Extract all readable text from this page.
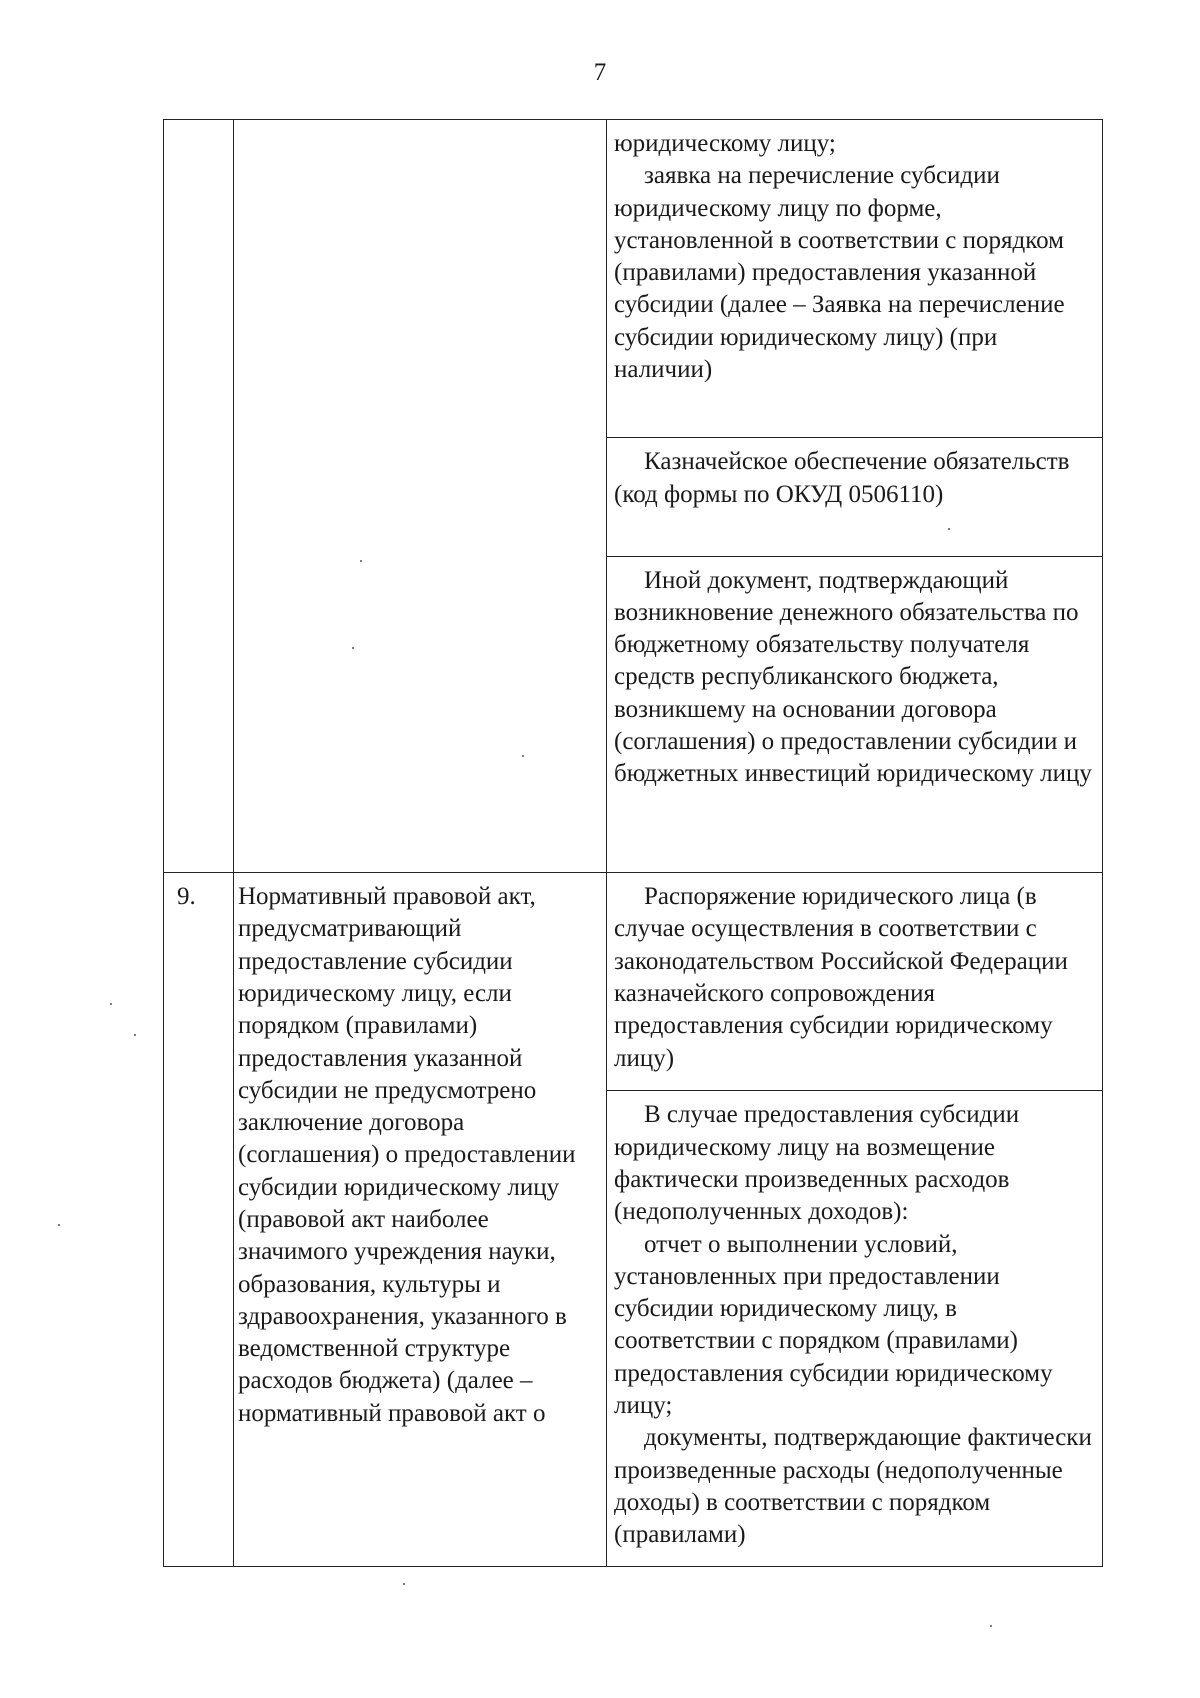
7

		юридическому лицу;

заявка на перечисление субсидии юридическому лицу по форме, установленной в соответствии с порядком (правилами) предоставления указанной субсидии (далее – Заявка на перечисление субсидии юридическому лицу) (при наличии)

		Казначейское обеспечение обязательств (код формы по ОКУД 0506110)

		Иной документ, подтверждающий возникновение денежного обязательства по бюджетному обязательству получателя средств республиканского бюджета, возникшему на основании договора (соглашения) о предоставлении субсидии и бюджетных инвестиций юридическому лицу

9.	Нормативный правовой акт, предусматривающий предоставление субсидии юридическому лицу, если порядком (правилами) предоставления указанной субсидии не предусмотрено заключение договора (соглашения) о предоставлении субсидии юридическому лицу (правовой акт наиболее значимого учреждения науки, образования, культуры и здравоохранения, указанного в ведомственной структуре расходов бюджета) (далее – нормативный правовой акт о	Распоряжение юридического лица (в случае осуществления в соответствии с законодательством Российской Федерации казначейского сопровождения предоставления субсидии юридическому лицу)

		В случае предоставления субсидии юридическому лицу на возмещение фактически произведенных расходов (недополученных доходов):

отчет о выполнении условий, установленных при предоставлении субсидии юридическому лицу, в соответствии с порядком (правилами) предоставления субсидии юридическому лицу;

документы, подтверждающие фактически произведенные расходы (недополученные доходы) в соответствии с порядком (правилами)
